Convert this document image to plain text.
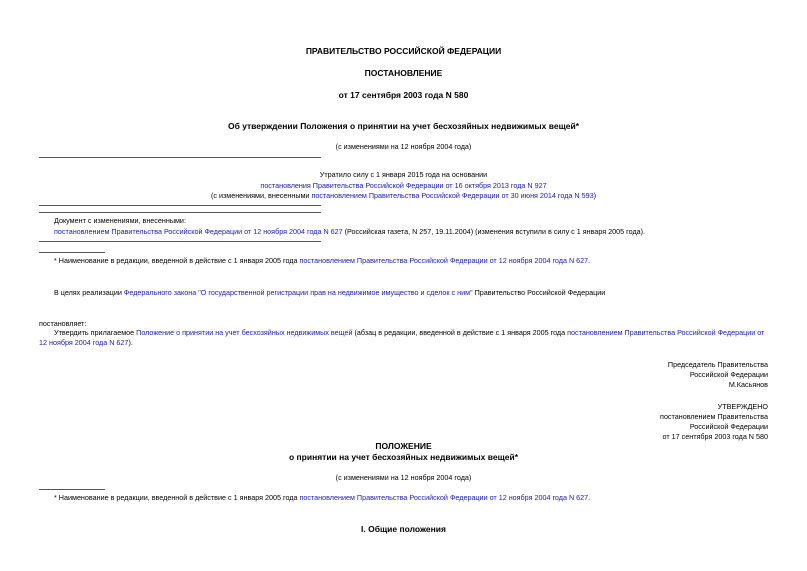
ПРАВИТЕЛЬСТВО РОССИЙСКОЙ ФЕДЕРАЦИИ
ПОСТАНОВЛЕНИЕ
от 17 сентября 2003 года N 580
Об утверждении Положения о принятии на учет бесхозяйных недвижимых вещей*
(с изменениями на 12 ноября 2004 года)
Утратило силу с 1 января 2015 года на основании
постановления Правительства Российской Федерации от 16 октября 2013 года N 927
(с изменениями, внесенными постановлением Правительства Российской Федерации от 30 июня 2014 года N 593)
Документ с изменениями, внесенными:
постановлением Правительства Российской Федерации от 12 ноября 2004 года N 627 (Российская газета, N 257, 19.11.2004) (изменения вступили в силу с 1 января 2005 года).
* Наименование в редакции, введенной в действие с 1 января 2005 года постановлением Правительства Российской Федерации от 12 ноября 2004 года N 627.
В целях реализации Федерального закона "О государственной регистрации прав на недвижимое имущество и сделок с ним" Правительство Российской Федерации
постановляет:
Утвердить прилагаемое Положение о принятии на учет бесхозяйных недвижимых вещей (абзац в редакции, введенной в действие с 1 января 2005 года постановлением Правительства Российской Федерации от 12 ноября 2004 года N 627).
Председатель Правительства
Российской Федерации
М.Касьянов
УТВЕРЖДЕНО
постановлением Правительства
Российской Федерации
от 17 сентября 2003 года N 580
ПОЛОЖЕНИЕ
о принятии на учет бесхозяйных недвижимых вещей*
(с изменениями на 12 ноября 2004 года)
* Наименование в редакции, введенной в действие с 1 января 2005 года постановлением Правительства Российской Федерации от 12 ноября 2004 года N 627.
I. Общие положения
